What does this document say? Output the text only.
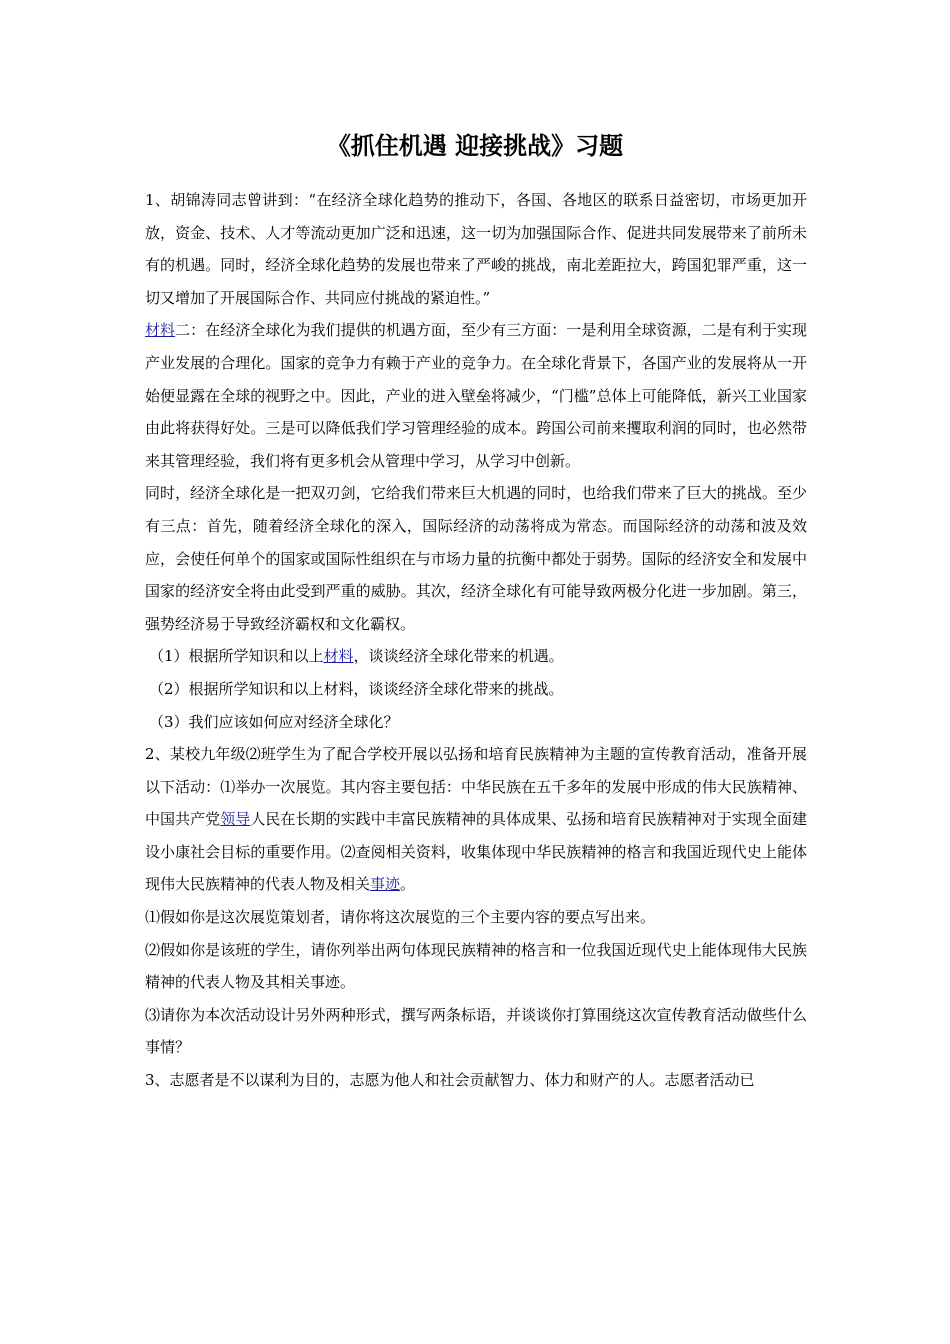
《抓住机遇 迎接挑战》习题

1、胡锦涛同志曾讲到：“在经济全球化趋势的推动下，各国、各地区的联系日益密切，市场更加开放，资金、技术、人才等流动更加广泛和迅速，这一切为加强国际合作、促进共同发展带来了前所未有的机遇。同时，经济全球化趋势的发展也带来了严峻的挑战，南北差距拉大，跨国犯罪严重，这一切又增加了开展国际合作、共同应付挑战的紧迫性。”

材料二：在经济全球化为我们提供的机遇方面，至少有三方面：一是利用全球资源，二是有利于实现产业发展的合理化。国家的竞争力有赖于产业的竞争力。在全球化背景下，各国产业的发展将从一开始便显露在全球的视野之中。因此，产业的进入壁垒将减少，“门槛”总体上可能降低，新兴工业国家由此将获得好处。三是可以降低我们学习管理经验的成本。跨国公司前来攫取利润的同时，也必然带来其管理经验，我们将有更多机会从管理中学习，从学习中创新。

同时，经济全球化是一把双刃剑，它给我们带来巨大机遇的同时，也给我们带来了巨大的挑战。至少有三点：首先，随着经济全球化的深入，国际经济的动荡将成为常态。而国际经济的动荡和波及效应，会使任何单个的国家或国际性组织在与市场力量的抗衡中都处于弱势。国际的经济安全和发展中国家的经济安全将由此受到严重的威胁。其次，经济全球化有可能导致两极分化进一步加剧。第三，强势经济易于导致经济霸权和文化霸权。

（1）根据所学知识和以上材料，谈谈经济全球化带来的机遇。

（2）根据所学知识和以上材料，谈谈经济全球化带来的挑战。

（3）我们应该如何应对经济全球化？

2、某校九年级⑵班学生为了配合学校开展以弘扬和培育民族精神为主题的宣传教育活动，准备开展以下活动：⑴举办一次展览。其内容主要包括：中华民族在五千多年的发展中形成的伟大民族精神、中国共产党领导人民在长期的实践中丰富民族精神的具体成果、弘扬和培育民族精神对于实现全面建设小康社会目标的重要作用。⑵查阅相关资料，收集体现中华民族精神的格言和我国近现代史上能体现伟大民族精神的代表人物及相关事迹。

⑴假如你是这次展览策划者，请你将这次展览的三个主要内容的要点写出来。

⑵假如你是该班的学生，请你列举出两句体现民族精神的格言和一位我国近现代史上能体现伟大民族精神的代表人物及其相关事迹。

⑶请你为本次活动设计另外两种形式，撰写两条标语，并谈谈你打算围绕这次宣传教育活动做些什么事情？

3、志愿者是不以谋利为目的，志愿为他人和社会贡献智力、体力和财产的人。志愿者活动已
